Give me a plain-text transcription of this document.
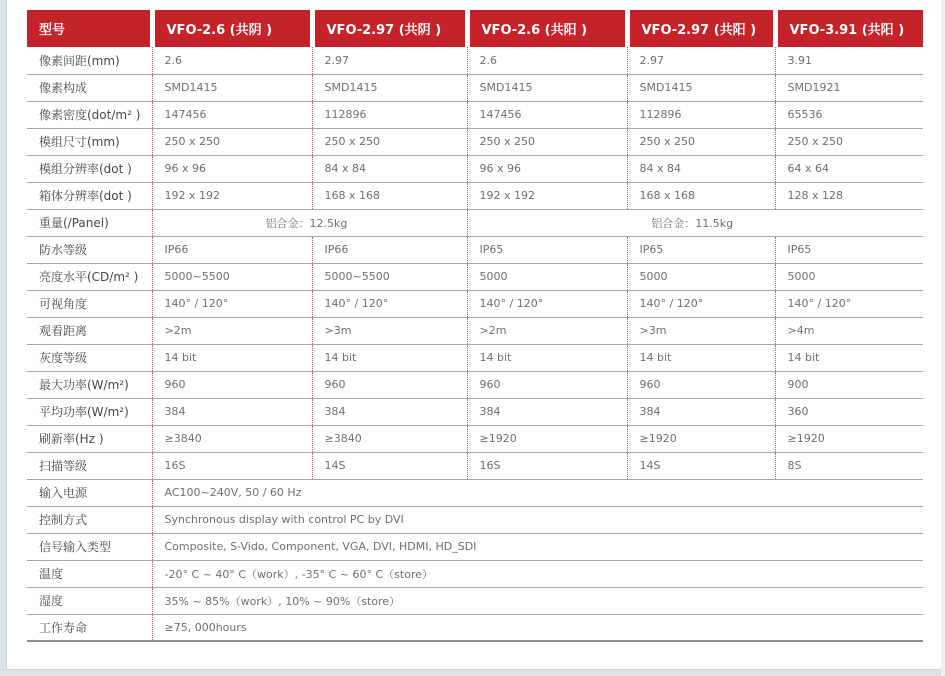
型号	VFO-2.6 (共阴 )	VFO-2.97 (共阴 )	VFO-2.6 (共阳 )	VFO-2.97 (共阳 )	VFO-3.91 (共阳 )
像素间距(mm)	2.6	2.97	2.6	2.97	3.91
像素构成	SMD1415	SMD1415	SMD1415	SMD1415	SMD1921
像素密度(dot/m² )	147456	112896	147456	112896	65536
模组尺寸(mm)	250 x 250	250 x 250	250 x 250	250 x 250	250 x 250
模组分辨率(dot )	96 x 96	84 x 84	96 x 96	84 x 84	64 x 64
箱体分辨率(dot )	192 x 192	168 x 168	192 x 192	168 x 168	128 x 128
重量(/Panel)	铝合金：12.5kg		铝合金：11.5kg		
防水等级	IP66	IP66	IP65	IP65	IP65
亮度水平(CD/m² )	5000~5500	5000~5500	5000	5000	5000
可视角度	140° / 120°	140° / 120°	140° / 120°	140° / 120°	140° / 120°
观看距离	>2m	>3m	>2m	>3m	>4m
灰度等级	14 bit	14 bit	14 bit	14 bit	14 bit
最大功率(W/m²)	960	960	960	960	900
平均功率(W/m²)	384	384	384	384	360
刷新率(Hz )	≥3840	≥3840	≥1920	≥1920	≥1920
扫描等级	16S	14S	16S	14S	8S
输入电源	AC100~240V, 50 / 60 Hz				
控制方式	Synchronous display with control PC by DVI				
信号输入类型	Composite, S-Vido, Component, VGA, DVI, HDMI, HD_SDI				
温度	-20° C ~ 40° C（work）, -35° C ~ 60° C（store）				
湿度	35% ~ 85%（work）, 10% ~ 90%（store）				
工作寿命	≥75, 000hours				
